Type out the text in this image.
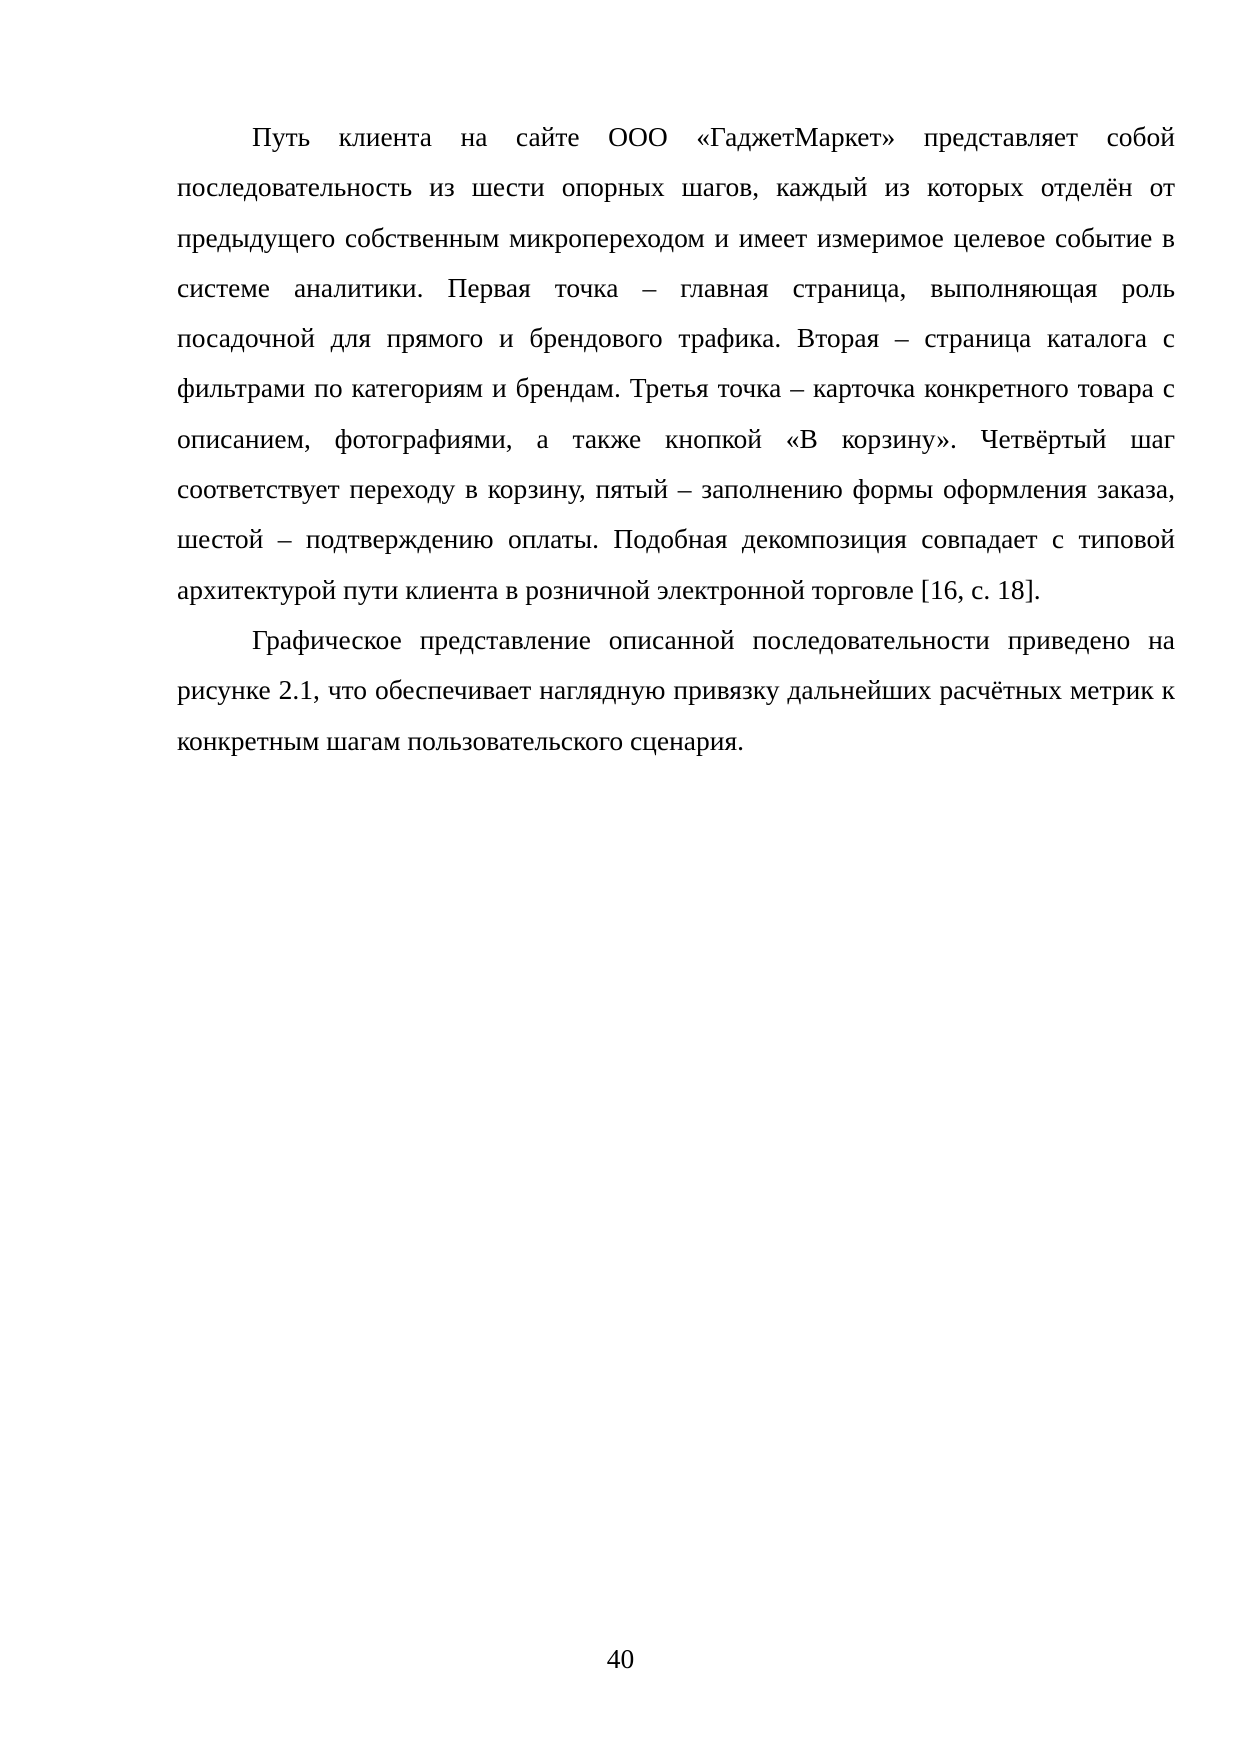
Путь клиента на сайте ООО «ГаджетМаркет» представляет собой последовательность из шести опорных шагов, каждый из которых отделён от предыдущего собственным микропереходом и имеет измеримое целевое событие в системе аналитики. Первая точка – главная страница, выполняющая роль посадочной для прямого и брендового трафика. Вторая – страница каталога с фильтрами по категориям и брендам. Третья точка – карточка конкретного товара с описанием, фотографиями, а также кнопкой «В корзину». Четвёртый шаг соответствует переходу в корзину, пятый – заполнению формы оформления заказа, шестой – подтверждению оплаты. Подобная декомпозиция совпадает с типовой архитектурой пути клиента в розничной электронной торговле [16, с. 18].

Графическое представление описанной последовательности приведено на рисунке 2.1, что обеспечивает наглядную привязку дальнейших расчётных метрик к конкретным шагам пользовательского сценария.

40
